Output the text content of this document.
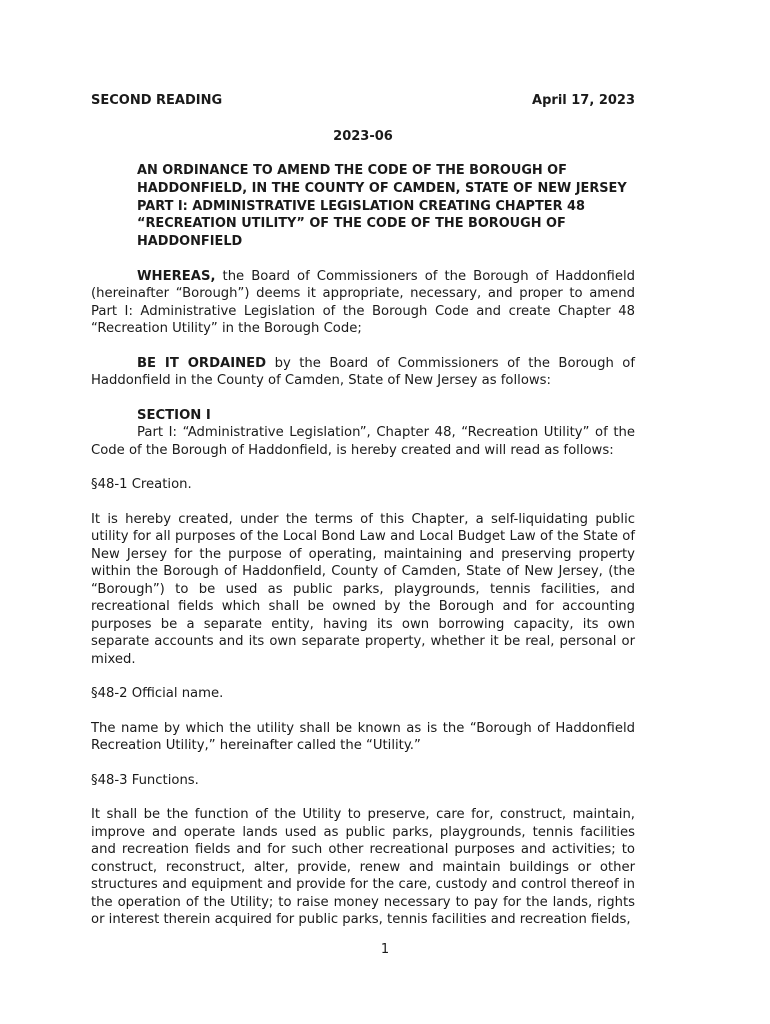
SECOND READING	April 17, 2023
2023-06
AN ORDINANCE TO AMEND THE CODE OF THE BOROUGH OF HADDONFIELD, IN THE COUNTY OF CAMDEN, STATE OF NEW JERSEY PART I: ADMINISTRATIVE LEGISLATION CREATING CHAPTER 48 “RECREATION UTILITY” OF THE CODE OF THE BOROUGH OF HADDONFIELD

WHEREAS, the Board of Commissioners of the Borough of Haddonfield (hereinafter “Borough”) deems it appropriate, necessary, and proper to amend Part I: Administrative Legislation of the Borough Code and create Chapter 48 “Recreation Utility” in the Borough Code;

BE IT ORDAINED by the Board of Commissioners of the Borough of Haddonfield in the County of Camden, State of New Jersey as follows:

SECTION I

Part I: “Administrative Legislation”, Chapter 48, “Recreation Utility” of the Code of the Borough of Haddonfield, is hereby created and will read as follows:

§48-1 Creation.

It is hereby created, under the terms of this Chapter, a self-liquidating public utility for all purposes of the Local Bond Law and Local Budget Law of the State of New Jersey for the purpose of operating, maintaining and preserving property within the Borough of Haddonfield, County of Camden, State of New Jersey, (the “Borough”) to be used as public parks, playgrounds, tennis facilities, and recreational fields which shall be owned by the Borough and for accounting purposes be a separate entity, having its own borrowing capacity, its own separate accounts and its own separate property, whether it be real, personal or mixed.

§48-2 Official name.

The name by which the utility shall be known as is the “Borough of Haddonfield Recreation Utility,” hereinafter called the “Utility.”

§48-3 Functions.

It shall be the function of the Utility to preserve, care for, construct, maintain, improve and operate lands used as public parks, playgrounds, tennis facilities and recreation fields and for such other recreational purposes and activities; to construct, reconstruct, alter, provide, renew and maintain buildings or other structures and equipment and provide for the care, custody and control thereof in the operation of the Utility; to raise money necessary to pay for the lands, rights or interest therein acquired for public parks, tennis facilities and recreation fields,

1
